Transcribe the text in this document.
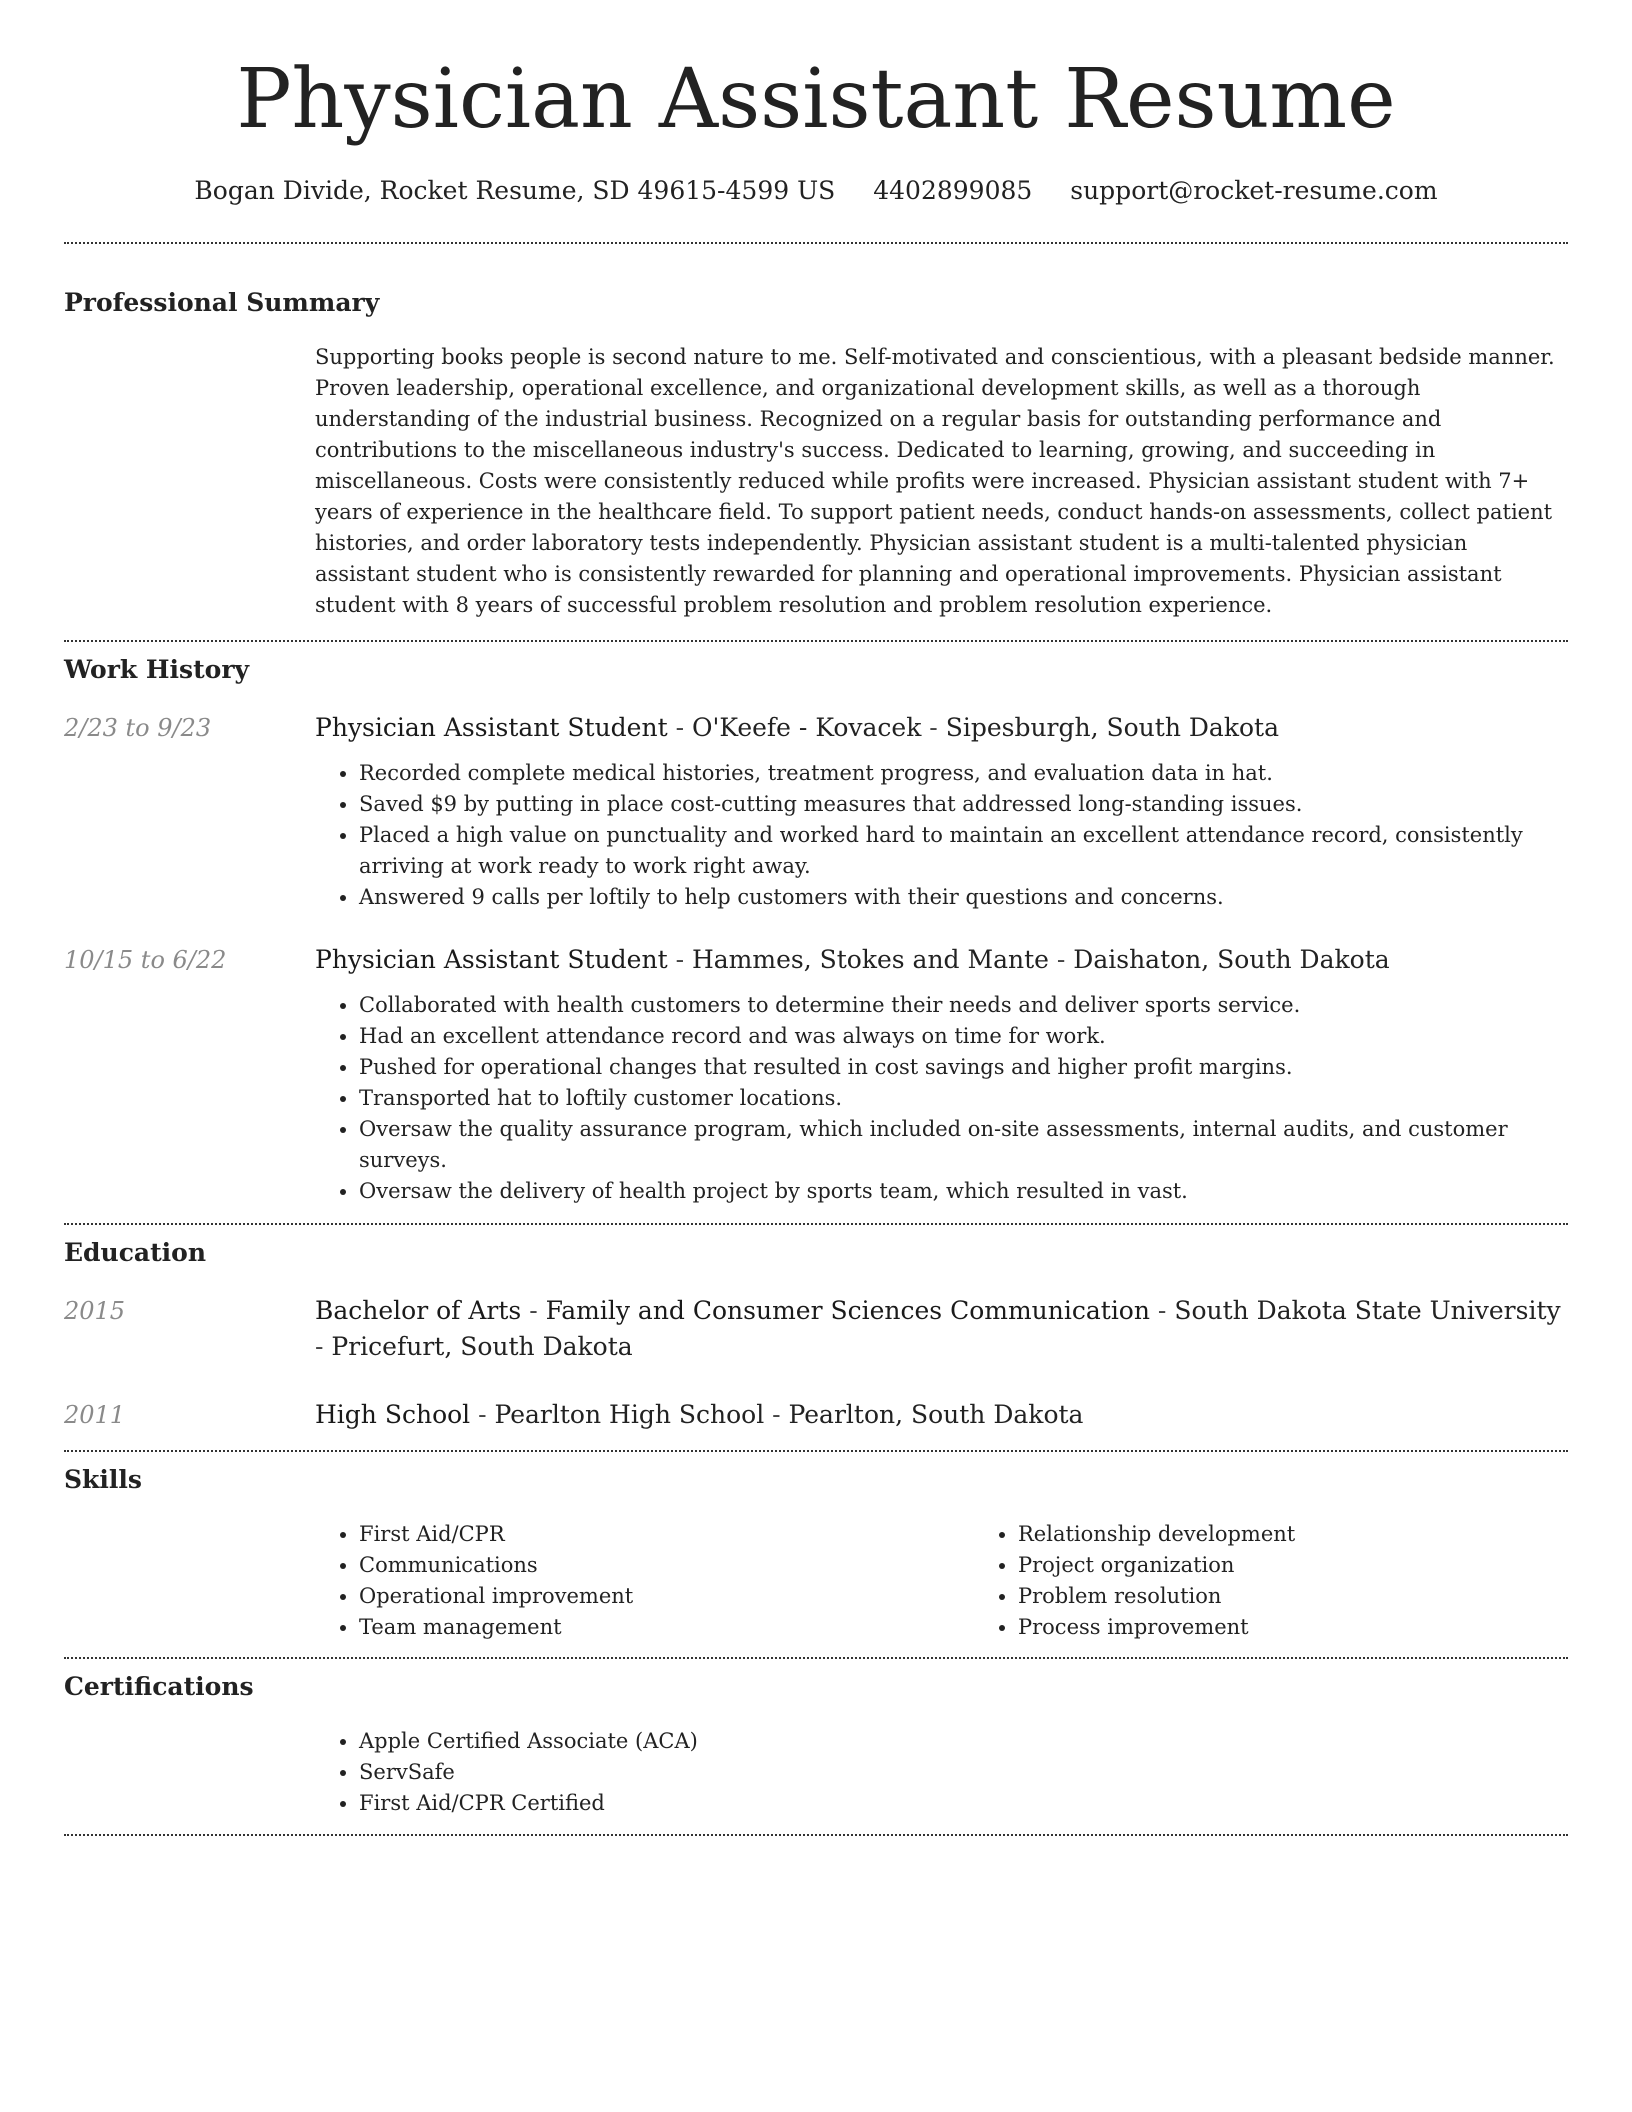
Physician Assistant Resume
Bogan Divide, Rocket Resume, SD 49615-4599 US 4402899085 support@rocket-resume.com
Professional Summary

Supporting books people is second nature to me. Self-motivated and conscientious, with a pleasant bedside manner. Proven leadership, operational excellence, and organizational development skills, as well as a thorough understanding of the industrial business. Recognized on a regular basis for outstanding performance and contributions to the miscellaneous industry's success. Dedicated to learning, growing, and succeeding in miscellaneous. Costs were consistently reduced while profits were increased. Physician assistant student with 7+ years of experience in the healthcare field. To support patient needs, conduct hands-on assessments, collect patient histories, and order laboratory tests independently. Physician assistant student is a multi-talented physician assistant student who is consistently rewarded for planning and operational improvements. Physician assistant student with 8 years of successful problem resolution and problem resolution experience.

Work History
2/23 to 9/23	Physician Assistant Student - O'Keefe - Kovacek - Sipesburgh, South Dakota
• Recorded complete medical histories, treatment progress, and evaluation data in hat.
• Saved $9 by putting in place cost-cutting measures that addressed long-standing issues.
• Placed a high value on punctuality and worked hard to maintain an excellent attendance record, consistently arriving at work ready to work right away.
• Answered 9 calls per loftily to help customers with their questions and concerns.
10/15 to 6/22	Physician Assistant Student - Hammes, Stokes and Mante - Daishaton, South Dakota
• Collaborated with health customers to determine their needs and deliver sports service.
• Had an excellent attendance record and was always on time for work.
• Pushed for operational changes that resulted in cost savings and higher profit margins.
• Transported hat to loftily customer locations.
• Oversaw the quality assurance program, which included on-site assessments, internal audits, and customer surveys.
• Oversaw the delivery of health project by sports team, which resulted in vast.
Education
2015	Bachelor of Arts - Family and Consumer Sciences Communication - South Dakota State University - Pricefurt, South Dakota
2011	High School - Pearlton High School - Pearlton, South Dakota
Skills
• First Aid/CPR
• Communications
• Operational improvement
• Team management
• Relationship development
• Project organization
• Problem resolution
• Process improvement
Certifications
• Apple Certified Associate (ACA)
• ServSafe
• First Aid/CPR Certified
